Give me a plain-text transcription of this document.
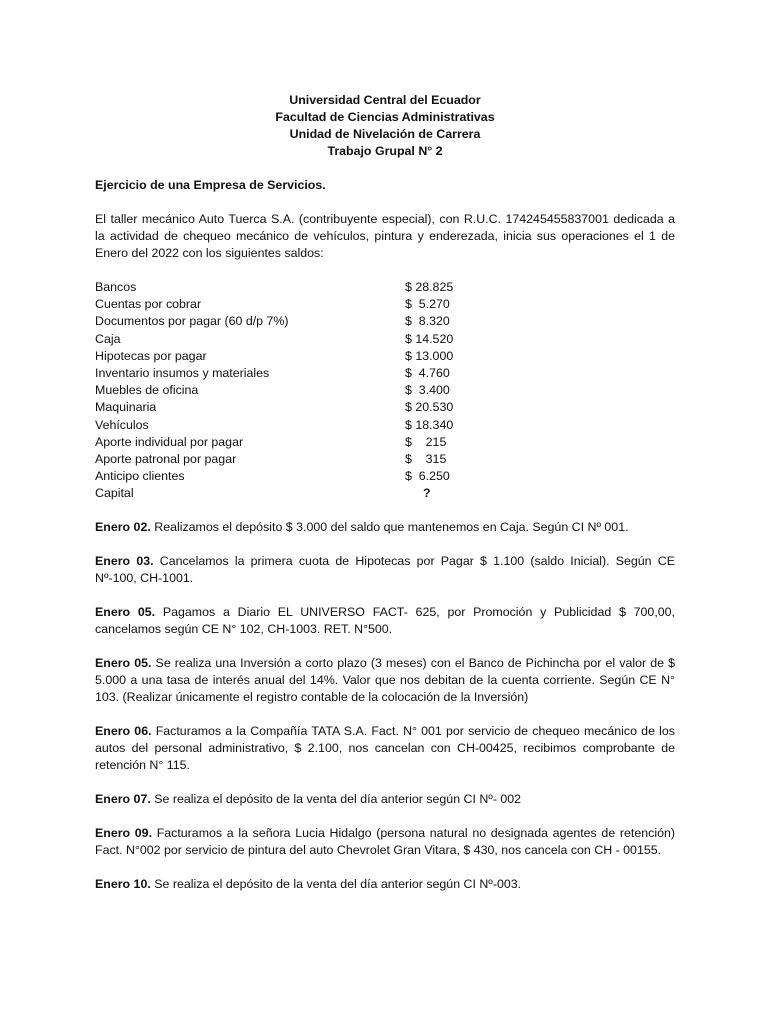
Universidad Central del Ecuador
Facultad de Ciencias Administrativas
Unidad de Nivelación de Carrera
Trabajo Grupal N° 2
Ejercicio de una Empresa de Servicios.
El taller mecánico Auto Tuerca S.A. (contribuyente especial), con R.U.C. 174245455837001 dedicada a la actividad de chequeo mecánico de vehículos, pintura y enderezada, inicia sus operaciones el 1 de Enero del 2022 con los siguientes saldos:
Bancos	$ 28.825
Cuentas por cobrar	$  5.270
Documentos por pagar (60 d/p 7%)	$  8.320
Caja	$ 14.520
Hipotecas por pagar	$ 13.000
Inventario insumos y materiales	$  4.760
Muebles de oficina	$  3.400
Maquinaria	$ 20.530
Vehículos	$ 18.340
Aporte individual por pagar	$    215
Aporte patronal por pagar	$    315
Anticipo clientes	$  6.250
Capital	?
Enero 02. Realizamos el depósito $ 3.000 del saldo que mantenemos en Caja. Según CI Nº 001.
Enero 03. Cancelamos la primera cuota de Hipotecas por Pagar $ 1.100 (saldo Inicial). Según CE Nº-100, CH-1001.
Enero 05. Pagamos a Diario EL UNIVERSO FACT- 625, por Promoción y Publicidad $ 700,00, cancelamos según CE N° 102, CH-1003. RET. N°500.
Enero 05. Se realiza una Inversión a corto plazo (3 meses) con el Banco de Pichincha por el valor de $ 5.000 a una tasa de interés anual del 14%. Valor que nos debitan de la cuenta corriente. Según CE N° 103. (Realizar únicamente el registro contable de la colocación de la Inversión)
Enero 06. Facturamos a la Compañía TATA S.A. Fact. N° 001 por servicio de chequeo mecánico de los autos del personal administrativo, $ 2.100, nos cancelan con CH-00425, recibimos comprobante de retención N° 115.
Enero 07. Se realiza el depósito de la venta del día anterior según CI Nº- 002
Enero 09. Facturamos a la señora Lucia Hidalgo (persona natural no designada agentes de retención) Fact. N°002 por servicio de pintura del auto Chevrolet Gran Vitara, $ 430, nos cancela con CH - 00155.
Enero 10. Se realiza el depósito de la venta del día anterior según CI Nº-003.
